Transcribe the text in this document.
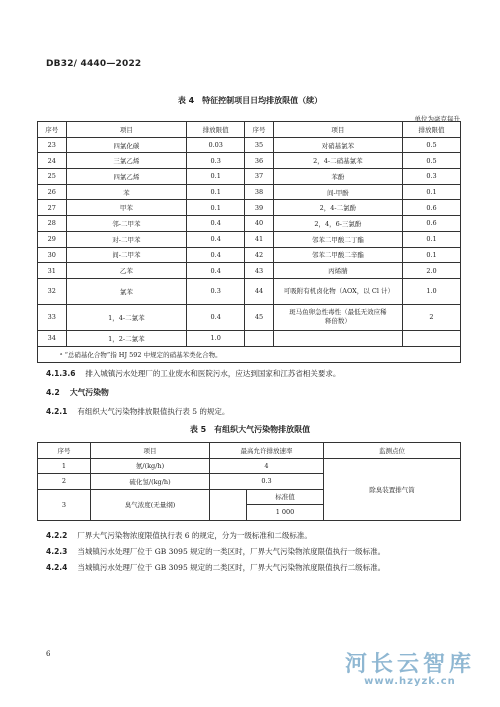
DB32/ 4440—2022
表 4　特征控制项目日均排放限值（续）
单位为毫克每升
序号	项目	排放限值	序号	项目	排放限值
23	四氯化碳	0.03	35	对硝基氯苯	0.5
24	三氯乙烯	0.3	36	2，4-二硝基氯苯	0.5
25	四氯乙烯	0.1	37	苯酚	0.3
26	苯	0.1	38	间-甲酚	0.1
27	甲苯	0.1	39	2，4-二氯酚	0.6
28	邻-二甲苯	0.4	40	2，4，6-三氯酚	0.6
29	对-二甲苯	0.4	41	邻苯二甲酸二丁酯	0.1
30	间-二甲苯	0.4	42	邻苯二甲酸二辛酯	0.1
31	乙苯	0.4	43	丙烯腈	2.0
32	氯苯	0.3	44	可吸附有机卤化物（AOX，以 Cl 计）	1.0
33	1，4-二氯苯	0.4	45	斑马鱼卵急性毒性（最低无效应稀释倍数）	2
34	1，2-二氯苯	1.0			
ᵃ “总硝基化合物”指 HJ 592 中规定的硝基苯类化合物。					
4.1.3.6 排入城镇污水处理厂的工业废水和医院污水，应达到国家和江苏省相关要求。
4.2 大气污染物
4.2.1 有组织大气污染物排放限值执行表 5 的规定。
表 5　有组织大气污染物排放限值
序号	项目	最高允许排放速率		监测点位
1	氨/(kg/h)	4		除臭装置排气筒
2	硫化氢/(kg/h)	0.3		
3	臭气浓度(无量纲)		标准值	
			1 000	
4.2.2 厂界大气污染物浓度限值执行表 6 的规定，分为一级标准和二级标准。
4.2.3 当城镇污水处理厂位于 GB 3095 规定的一类区时，厂界大气污染物浓度限值执行一级标准。
4.2.4 当城镇污水处理厂位于 GB 3095 规定的二类区时，厂界大气污染物浓度限值执行二级标准。
6	河长云智库
www.hzyzk.cn
